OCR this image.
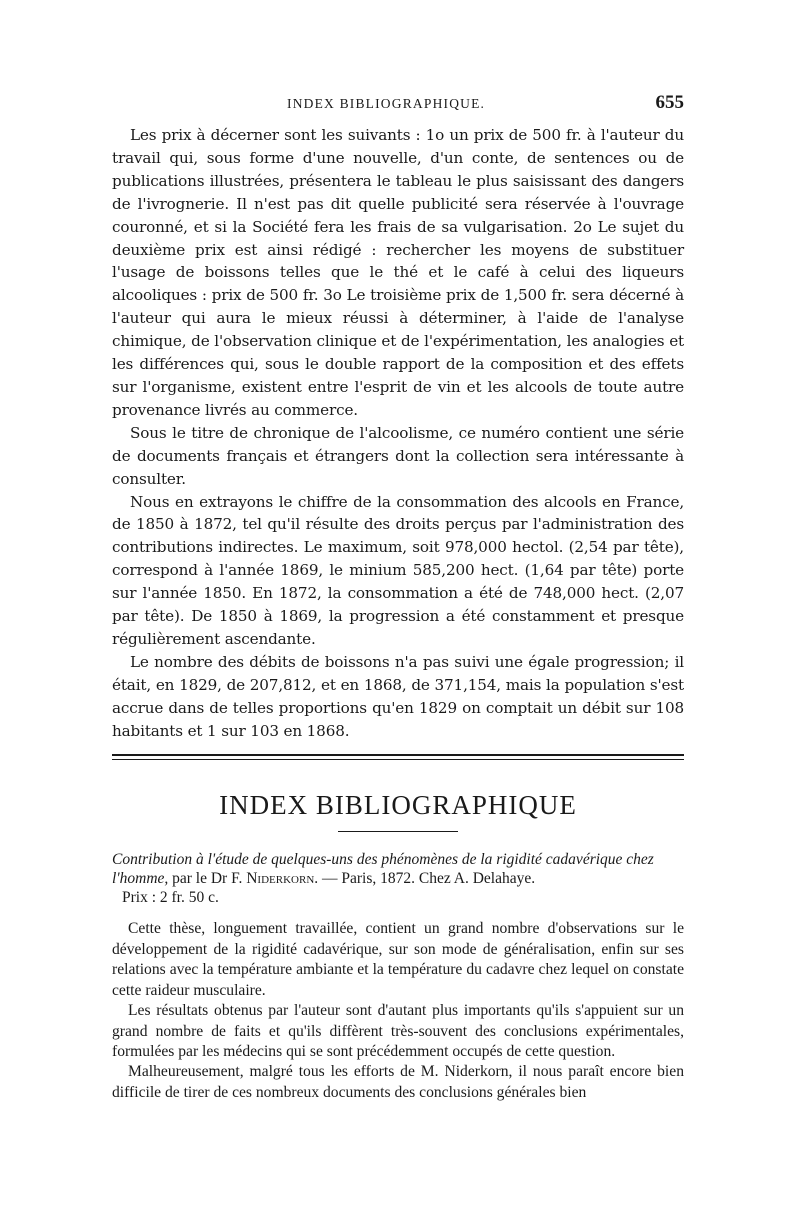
INDEX BIBLIOGRAPHIQUE.	655

Les prix à décerner sont les suivants : 1o un prix de 500 fr. à l'auteur du travail qui, sous forme d'une nouvelle, d'un conte, de sentences ou de publications illustrées, présentera le tableau le plus saisissant des dangers de l'ivrognerie. Il n'est pas dit quelle publicité sera réservée à l'ouvrage couronné, et si la Société fera les frais de sa vulgarisation. 2o Le sujet du deuxième prix est ainsi rédigé : rechercher les moyens de substituer l'usage de boissons telles que le thé et le café à celui des liqueurs alcooliques : prix de 500 fr. 3o Le troisième prix de 1,500 fr. sera décerné à l'auteur qui aura le mieux réussi à déterminer, à l'aide de l'analyse chimique, de l'observation clinique et de l'expérimentation, les analogies et les différences qui, sous le double rapport de la composition et des effets sur l'organisme, existent entre l'esprit de vin et les alcools de toute autre provenance livrés au commerce.

Sous le titre de chronique de l'alcoolisme, ce numéro contient une série de documents français et étrangers dont la collection sera intéressante à consulter.

Nous en extrayons le chiffre de la consommation des alcools en France, de 1850 à 1872, tel qu'il résulte des droits perçus par l'administration des contributions indirectes. Le maximum, soit 978,000 hectol. (2,54 par tête), correspond à l'année 1869, le minium 585,200 hect. (1,64 par tête) porte sur l'année 1850. En 1872, la consommation a été de 748,000 hect. (2,07 par tête). De 1850 à 1869, la progression a été constamment et presque régulièrement ascendante.

Le nombre des débits de boissons n'a pas suivi une égale progression; il était, en 1829, de 207,812, et en 1868, de 371,154, mais la population s'est accrue dans de telles proportions qu'en 1829 on comptait un débit sur 108 habitants et 1 sur 103 en 1868.

INDEX BIBLIOGRAPHIQUE
Contribution à l'étude de quelques-uns des phénomènes de la rigidité cadavérique chez l'homme, par le Dr F. Niderkorn. — Paris, 1872. Chez A. Delahaye.
Prix : 2 fr. 50 c.

Cette thèse, longuement travaillée, contient un grand nombre d'observations sur le développement de la rigidité cadavérique, sur son mode de généralisation, enfin sur ses relations avec la température ambiante et la température du cadavre chez lequel on constate cette raideur musculaire.

Les résultats obtenus par l'auteur sont d'autant plus importants qu'ils s'appuient sur un grand nombre de faits et qu'ils diffèrent très-souvent des conclusions expérimentales, formulées par les médecins qui se sont précédemment occupés de cette question.

Malheureusement, malgré tous les efforts de M. Niderkorn, il nous paraît encore bien difficile de tirer de ces nombreux documents des conclusions générales bien
